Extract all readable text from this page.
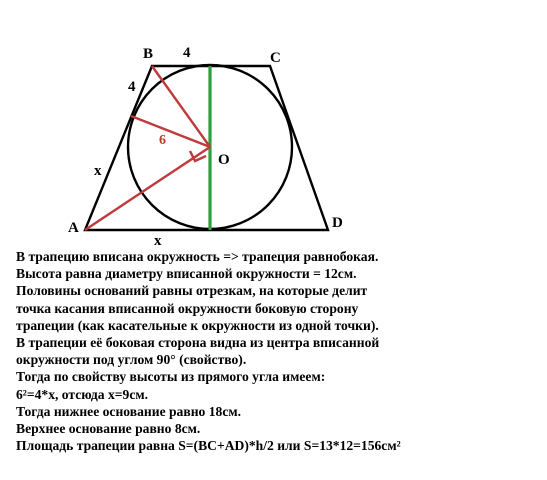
B	C
A	D
O
4
4
6
x
x
В трапецию вписана окружность => трапеция равнобокая.
Высота равна диаметру вписанной окружности = 12см.
Половины оснований равны отрезкам, на которые делит
точка касания вписанной окружности боковую сторону
трапеции (как касательные к окружности из одной точки).
В трапеции её боковая сторона видна из центра вписанной
окружности под углом 90° (свойство).
Тогда по свойству высоты из прямого угла имеем:
6²=4*x, отсюда x=9см.
Тогда нижнее основание равно 18см.
Верхнее основание равно 8см.
Площадь трапеции равна S=(BC+AD)*h/2 или S=13*12=156см²
